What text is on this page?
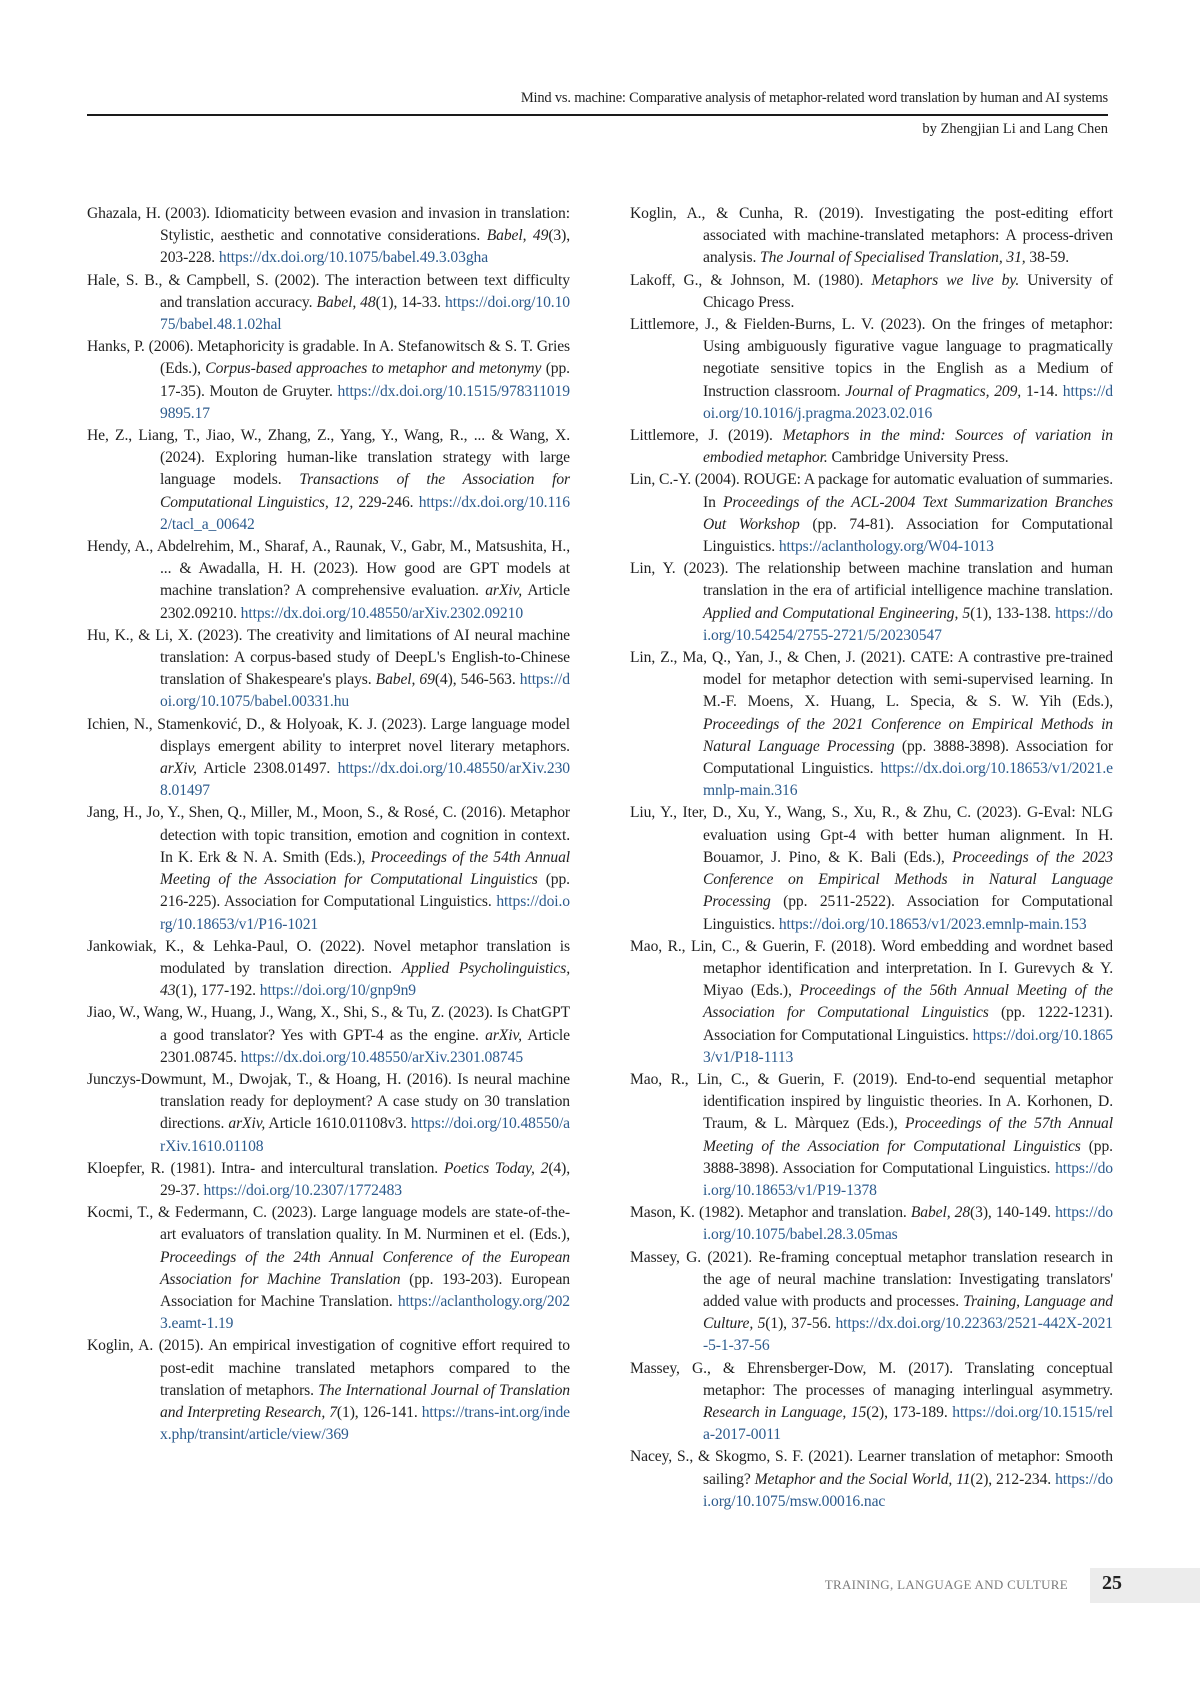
Mind vs. machine: Comparative analysis of metaphor-related word translation by human and AI systems
by Zhengjian Li and Lang Chen

Ghazala, H. (2003). Idiomaticity between evasion and invasion in translation: Stylistic, aesthetic and connotative considerations. Babel, 49(3), 203-228. https://dx.doi.org/10.1075/babel.49.3.03gha

Hale, S. B., & Campbell, S. (2002). The interaction between text difficulty and translation accuracy. Babel, 48(1), 14-33. https://doi.org/10.1075/babel.48.1.02hal

Hanks, P. (2006). Metaphoricity is gradable. In A. Stefanowitsch & S. T. Gries (Eds.), Corpus-based approaches to metaphor and metonymy (pp. 17-35). Mouton de Gruyter. https://dx.doi.org/10.1515/9783110199895.17

He, Z., Liang, T., Jiao, W., Zhang, Z., Yang, Y., Wang, R., ... & Wang, X. (2024). Exploring human-like translation strategy with large language models. Transactions of the Association for Computational Linguistics, 12, 229-246. https://dx.doi.org/10.1162/tacl_a_00642

Hendy, A., Abdelrehim, M., Sharaf, A., Raunak, V., Gabr, M., Matsushita, H., ... & Awadalla, H. H. (2023). How good are GPT models at machine translation? A comprehensive evaluation. arXiv, Article 2302.09210. https://dx.doi.org/10.48550/arXiv.2302.09210

Hu, K., & Li, X. (2023). The creativity and limitations of AI neural machine translation: A corpus-based study of DeepL's English-to-Chinese translation of Shakespeare's plays. Babel, 69(4), 546-563. https://doi.org/10.1075/babel.00331.hu

Ichien, N., Stamenković, D., & Holyoak, K. J. (2023). Large language model displays emergent ability to interpret novel literary metaphors. arXiv, Article 2308.01497. https://dx.doi.org/10.48550/arXiv.2308.01497

Jang, H., Jo, Y., Shen, Q., Miller, M., Moon, S., & Rosé, C. (2016). Metaphor detection with topic transition, emotion and cognition in context. In K. Erk & N. A. Smith (Eds.), Proceedings of the 54th Annual Meeting of the Association for Computational Linguistics (pp. 216-225). Association for Computational Linguistics. https://doi.org/10.18653/v1/P16-1021

Jankowiak, K., & Lehka-Paul, O. (2022). Novel metaphor translation is modulated by translation direction. Applied Psycholinguistics, 43(1), 177-192. https://doi.org/10/gnp9n9

Jiao, W., Wang, W., Huang, J., Wang, X., Shi, S., & Tu, Z. (2023). Is ChatGPT a good translator? Yes with GPT-4 as the engine. arXiv, Article 2301.08745. https://dx.doi.org/10.48550/arXiv.2301.08745

Junczys-Dowmunt, M., Dwojak, T., & Hoang, H. (2016). Is neural machine translation ready for deployment? A case study on 30 translation directions. arXiv, Article 1610.01108v3. https://doi.org/10.48550/arXiv.1610.01108

Kloepfer, R. (1981). Intra- and intercultural translation. Poetics Today, 2(4), 29-37. https://doi.org/10.2307/1772483

Kocmi, T., & Federmann, C. (2023). Large language models are state-of-the-art evaluators of translation quality. In M. Nurminen et el. (Eds.), Proceedings of the 24th Annual Conference of the European Association for Machine Translation (pp. 193-203). European Association for Machine Translation. https://aclanthology.org/2023.eamt-1.19

Koglin, A. (2015). An empirical investigation of cognitive effort required to post-edit machine translated metaphors compared to the translation of metaphors. The International Journal of Translation and Interpreting Research, 7(1), 126-141. https://trans-int.org/index.php/transint/article/view/369

Koglin, A., & Cunha, R. (2019). Investigating the post-editing effort associated with machine-translated metaphors: A process-driven analysis. The Journal of Specialised Translation, 31, 38-59.

Lakoff, G., & Johnson, M. (1980). Metaphors we live by. University of Chicago Press.

Littlemore, J., & Fielden-Burns, L. V. (2023). On the fringes of metaphor: Using ambiguously figurative vague language to pragmatically negotiate sensitive topics in the English as a Medium of Instruction classroom. Journal of Pragmatics, 209, 1-14. https://doi.org/10.1016/j.pragma.2023.02.016

Littlemore, J. (2019). Metaphors in the mind: Sources of variation in embodied metaphor. Cambridge University Press.

Lin, C.-Y. (2004). ROUGE: A package for automatic evaluation of summaries. In Proceedings of the ACL-2004 Text Summarization Branches Out Workshop (pp. 74-81). Association for Computational Linguistics. https://aclanthology.org/W04-1013

Lin, Y. (2023). The relationship between machine translation and human translation in the era of artificial intelligence machine translation. Applied and Computational Engineering, 5(1), 133-138. https://doi.org/10.54254/2755-2721/5/20230547

Lin, Z., Ma, Q., Yan, J., & Chen, J. (2021). CATE: A contrastive pre-trained model for metaphor detection with semi-supervised learning. In M.-F. Moens, X. Huang, L. Specia, & S. W. Yih (Eds.), Proceedings of the 2021 Conference on Empirical Methods in Natural Language Processing (pp. 3888-3898). Association for Computational Linguistics. https://dx.doi.org/10.18653/v1/2021.emnlp-main.316

Liu, Y., Iter, D., Xu, Y., Wang, S., Xu, R., & Zhu, C. (2023). G-Eval: NLG evaluation using Gpt-4 with better human alignment. In H. Bouamor, J. Pino, & K. Bali (Eds.), Proceedings of the 2023 Conference on Empirical Methods in Natural Language Processing (pp. 2511-2522). Association for Computational Linguistics. https://doi.org/10.18653/v1/2023.emnlp-main.153

Mao, R., Lin, C., & Guerin, F. (2018). Word embedding and wordnet based metaphor identification and interpretation. In I. Gurevych & Y. Miyao (Eds.), Proceedings of the 56th Annual Meeting of the Association for Computational Linguistics (pp. 1222-1231). Association for Computational Linguistics. https://doi.org/10.18653/v1/P18-1113

Mao, R., Lin, C., & Guerin, F. (2019). End-to-end sequential metaphor identification inspired by linguistic theories. In A. Korhonen, D. Traum, & L. Màrquez (Eds.), Proceedings of the 57th Annual Meeting of the Association for Computational Linguistics (pp. 3888-3898). Association for Computational Linguistics. https://doi.org/10.18653/v1/P19-1378

Mason, K. (1982). Metaphor and translation. Babel, 28(3), 140-149. https://doi.org/10.1075/babel.28.3.05mas

Massey, G. (2021). Re-framing conceptual metaphor translation research in the age of neural machine translation: Investigating translators' added value with products and processes. Training, Language and Culture, 5(1), 37-56. https://dx.doi.org/10.22363/2521-442X-2021-5-1-37-56

Massey, G., & Ehrensberger-Dow, M. (2017). Translating conceptual metaphor: The processes of managing interlingual asymmetry. Research in Language, 15(2), 173-189. https://doi.org/10.1515/rela-2017-0011

Nacey, S., & Skogmo, S. F. (2021). Learner translation of metaphor: Smooth sailing? Metaphor and the Social World, 11(2), 212-234. https://doi.org/10.1075/msw.00016.nac

TRAINING, LANGUAGE AND CULTURE 25
